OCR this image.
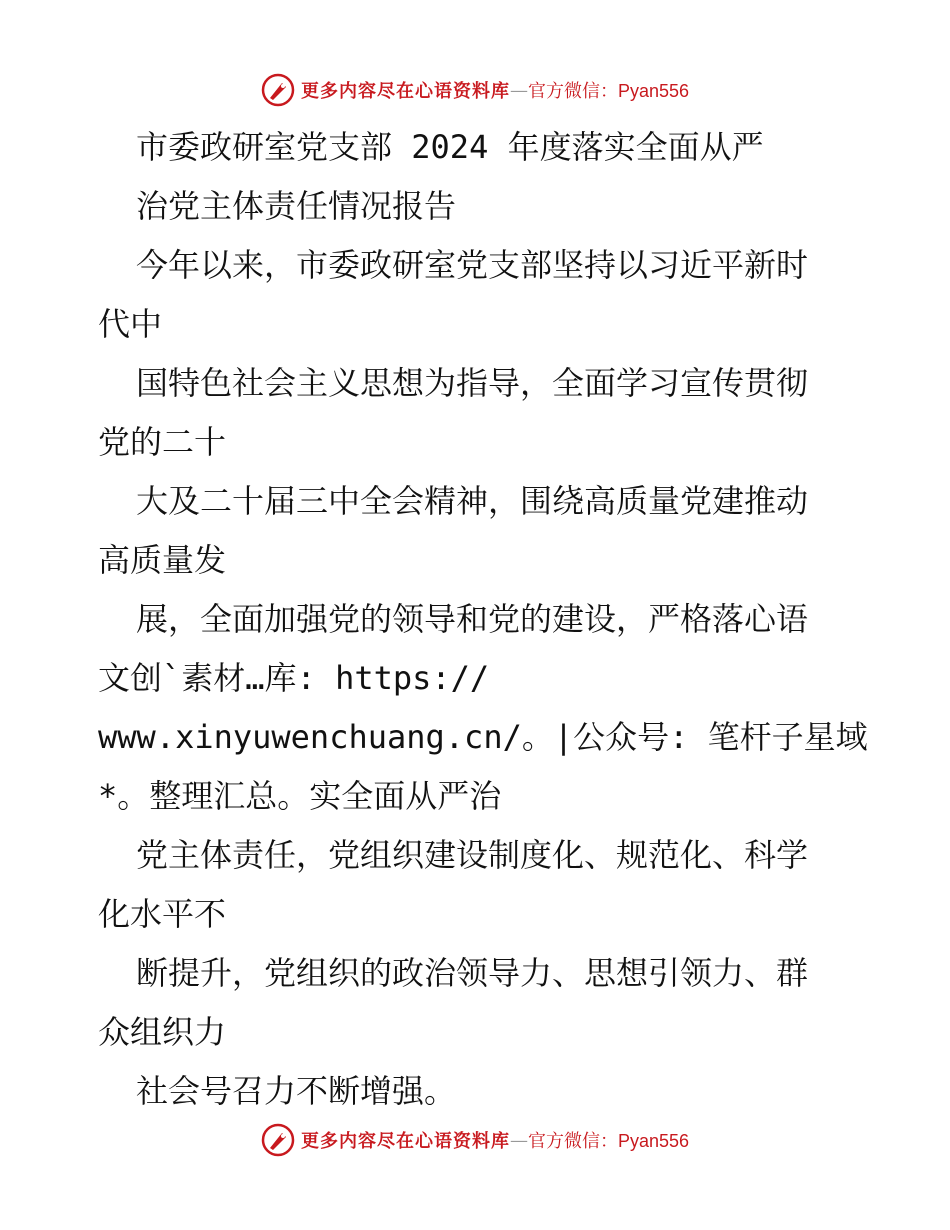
更多内容尽在心语资料库 — 官方微信：Pyan556
市委政研室党支部 2024 年度落实全面从严
治党主体责任情况报告
今年以来，市委政研室党支部坚持以习近平新时
代中
国特色社会主义思想为指导，全面学习宣传贯彻
党的二十
大及二十届三中全会精神，围绕高质量党建推动
高质量发
展，全面加强党的领导和党的建设，严格落心语
文创`素材…库: https://
www.xinyuwenchuang.cn/。|公众号: 笔杆子星域
*。整理汇总。实全面从严治
党主体责任，党组织建设制度化、规范化、科学
化水平不
断提升，党组织的政治领导力、思想引领力、群
众组织力
社会号召力不断增强。
更多内容尽在心语资料库 — 官方微信：Pyan556
